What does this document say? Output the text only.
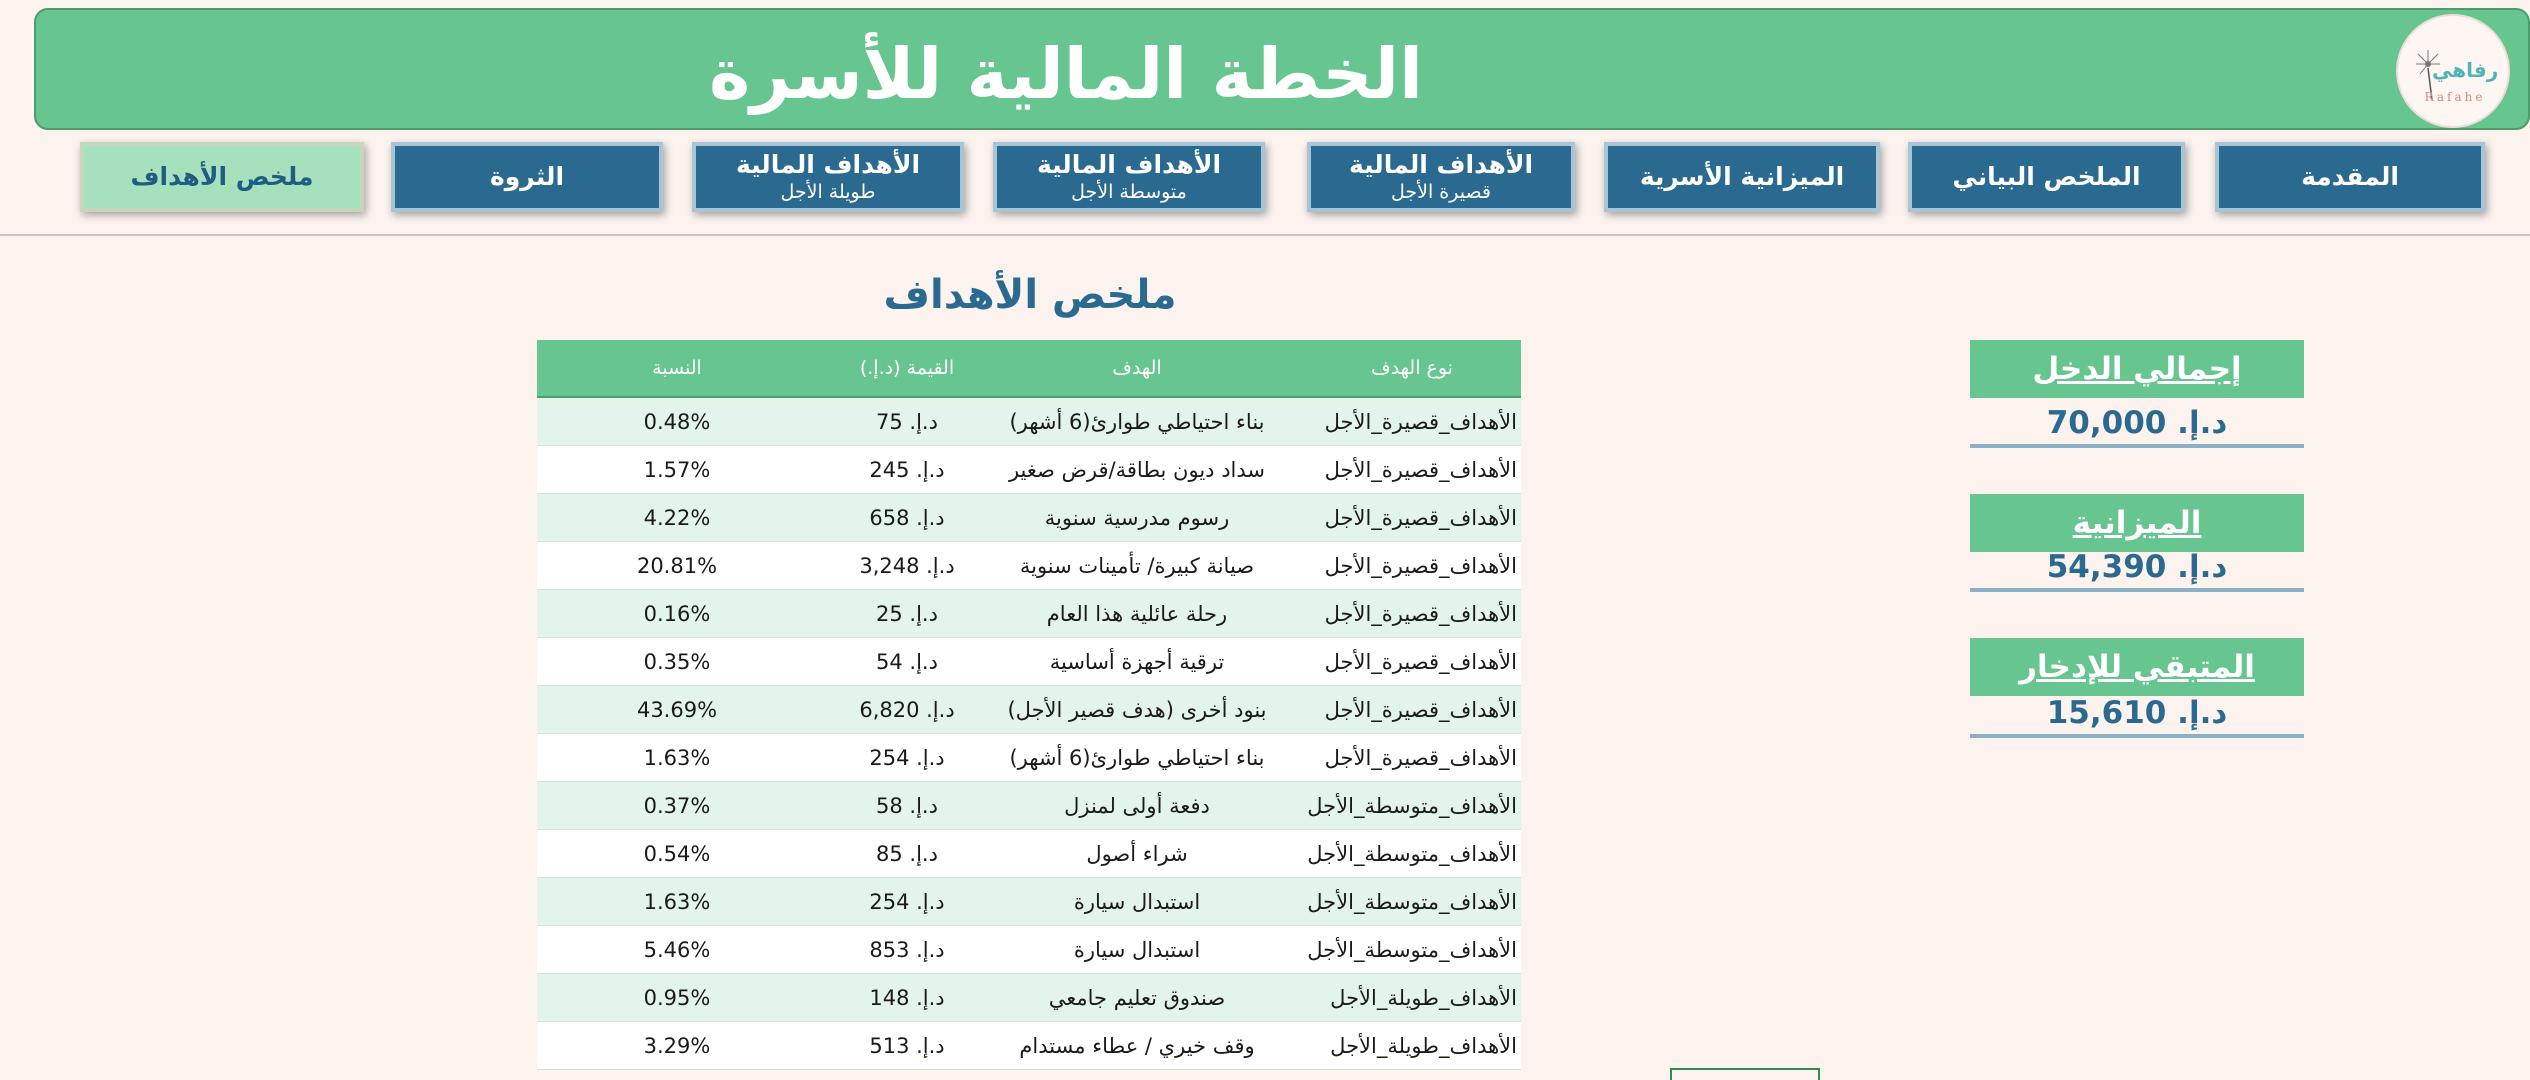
الخطة المالية للأسرة	رفاهي
Rafahe
المقدمة
الملخص البياني
الميزانية الأسرية
الأهداف المالية
قصيرة الأجل
الأهداف المالية
متوسطة الأجل
الأهداف المالية
طويلة الأجل
الثروة
ملخص الأهداف
ملخص الأهداف
نوع الهدف
الهدف
القيمة (د.إ.)
النسبة
الأهداف_قصيرة_الأجل
بناء احتياطي طوارئ(6 أشهر)
د.إ. 75
0.48%
الأهداف_قصيرة_الأجل
سداد ديون بطاقة/قرض صغير
د.إ. 245
1.57%
الأهداف_قصيرة_الأجل
رسوم مدرسية سنوية
د.إ. 658
4.22%
الأهداف_قصيرة_الأجل
صيانة كبيرة/ تأمينات سنوية
د.إ. 3,248
20.81%
الأهداف_قصيرة_الأجل
رحلة عائلية هذا العام
د.إ. 25
0.16%
الأهداف_قصيرة_الأجل
ترقية أجهزة أساسية
د.إ. 54
0.35%
الأهداف_قصيرة_الأجل
بنود أخرى (هدف قصير الأجل)
د.إ. 6,820
43.69%
الأهداف_قصيرة_الأجل
بناء احتياطي طوارئ(6 أشهر)
د.إ. 254
1.63%
الأهداف_متوسطة_الأجل
دفعة أولى لمنزل
د.إ. 58
0.37%
الأهداف_متوسطة_الأجل
شراء أصول
د.إ. 85
0.54%
الأهداف_متوسطة_الأجل
استبدال سيارة
د.إ. 254
1.63%
الأهداف_متوسطة_الأجل
استبدال سيارة
د.إ. 853
5.46%
الأهداف_طويلة_الأجل
صندوق تعليم جامعي
د.إ. 148
0.95%
الأهداف_طويلة_الأجل
وقف خيري / عطاء مستدام
د.إ. 513
3.29%
إجمالي الدخل
د.إ. 70,000
الميزانية
د.إ. 54,390
المتبقي للإدخار
د.إ. 15,610
